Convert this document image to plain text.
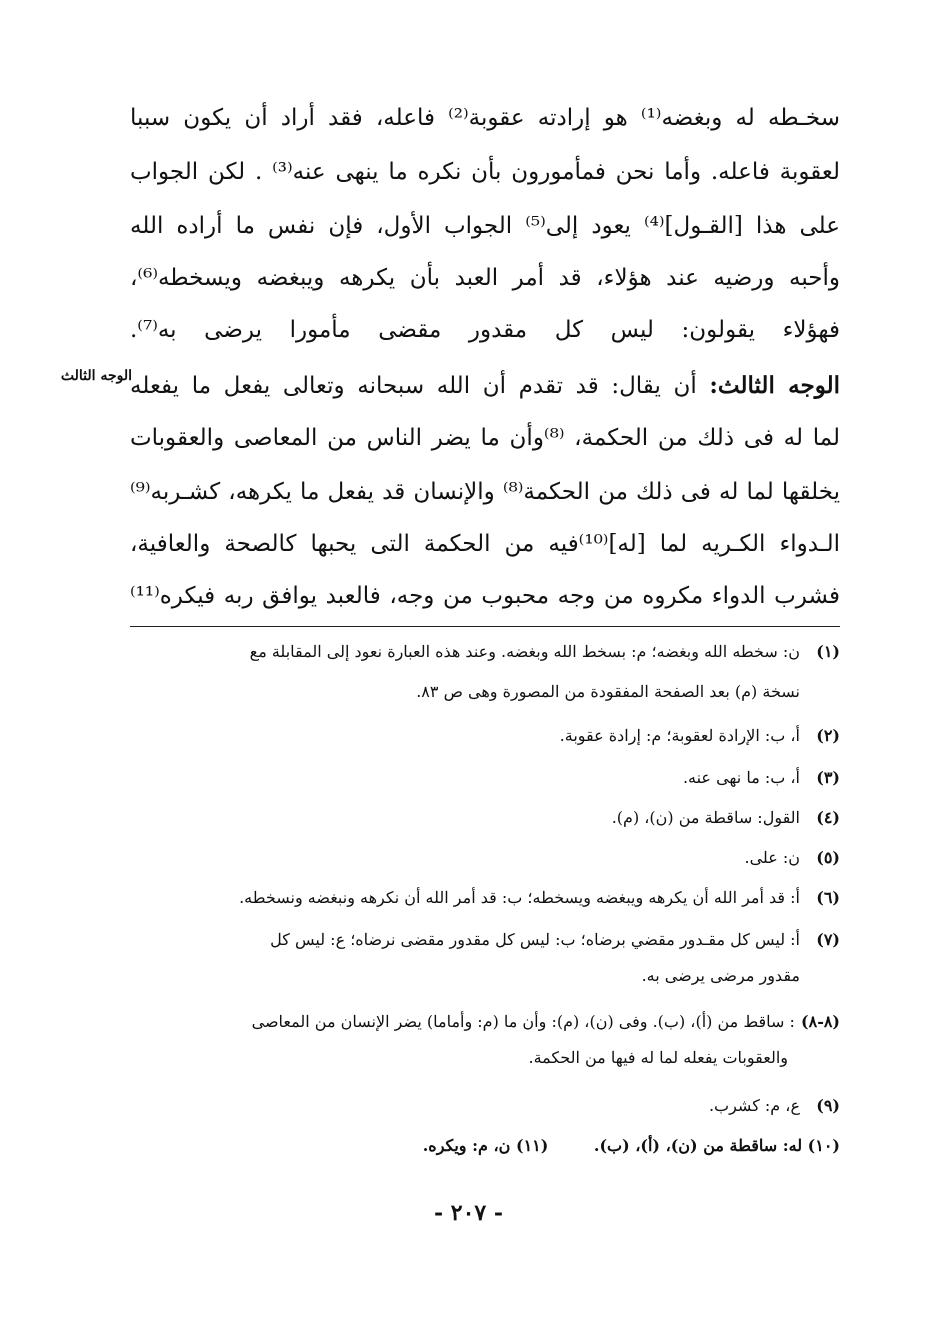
الوجه الثالث
سخـطه له وبغضه⁽¹⁾ هو إرادته عقوبة⁽²⁾ فاعله، فقد أراد أن يكون سببا
لعقوبة فاعله. وأما نحن فمأمورون بأن نكره ما ينهى عنه⁽³⁾ . لكن الجواب
على هذا [القـول]⁽⁴⁾ يعود إلى⁽⁵⁾ الجواب الأول، فإن نفس ما أراده الله
وأحبه ورضيه عند هؤلاء، قد أمر العبد بأن يكرهه ويبغضه ويسخطه⁽⁶⁾،
فهؤلاء يقولون: ليس كل مقدور مقضى مأمورا يرضى به⁽⁷⁾.
الوجه الثالث: أن يقال: قد تقدم أن الله سبحانه وتعالى يفعل ما يفعله
لما له فى ذلك من الحكمة، ⁽⁸⁾وأن ما يضر الناس من المعاصى والعقوبات
يخلقها لما له فى ذلك من الحكمة⁽⁸⁾ والإنسان قد يفعل ما يكرهه، كشـربه⁽⁹⁾
الـدواء الكـريه لما [له]⁽¹⁰⁾فيه من الحكمة التى يحبها كالصحة والعافية،
فشرب الدواء مكروه من وجه محبوب من وجه، فالعبد يوافق ربه فيكره⁽¹¹⁾
(١)ن: سخطه الله وبغضه؛ م: بسخط الله وبغضه. وعند هذه العبارة نعود إلى المقابلة مع
نسخة (م) بعد الصفحة المفقودة من المصورة وهى ص ٨٣.
(٢)أ، ب: الإرادة لعقوبة؛ م: إرادة عقوبة.
(٣)أ، ب: ما نهى عنه.
(٤)القول: ساقطة من (ن)، (م).
(٥)ن: على.
(٦)أ: قد أمر الله أن يكرهه ويبغضه ويسخطه؛ ب: قد أمر الله أن نكرهه ونبغضه ونسخطه.
(٧)أ: ليس كل مقـدور مقضي برضاه؛ ب: ليس كل مقدور مقضى نرضاه؛ ع: ليس كل
مقدور مرضى يرضى به.
(٨-٨) : ساقط من (أ)، (ب). وفى (ن)، (م): وأن ما (م: وأماما) يضر الإنسان من المعاصى
والعقوبات يفعله لما له فيها من الحكمة.
(٩)ع، م: كشرب.
(١٠) له: ساقطة من (ن)، (أ)، (ب). (١١) ن، م: ويكره.
- ٢٠٧ -
